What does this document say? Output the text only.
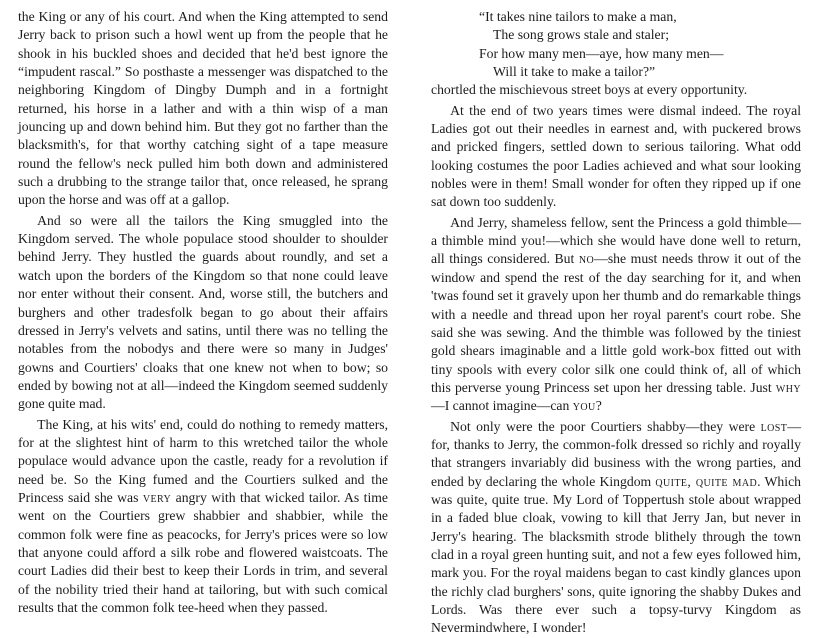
the King or any of his court. And when the King attempted to send Jerry back to prison such a howl went up from the people that he shook in his buckled shoes and decided that he'd best ignore the “impudent rascal.” So posthaste a messenger was dispatched to the neighboring Kingdom of Dingby Dumph and in a fortnight returned, his horse in a lather and with a thin wisp of a man jouncing up and down behind him. But they got no farther than the blacksmith's, for that worthy catching sight of a tape measure round the fellow's neck pulled him both down and administered such a drubbing to the strange tailor that, once released, he sprang upon the horse and was off at a gallop.

And so were all the tailors the King smuggled into the Kingdom served. The whole populace stood shoulder to shoulder behind Jerry. They hustled the guards about roundly, and set a watch upon the borders of the Kingdom so that none could leave nor enter without their consent. And, worse still, the butchers and burghers and other tradesfolk began to go about their affairs dressed in Jerry's velvets and satins, until there was no telling the notables from the nobodys and there were so many in Judges' gowns and Courtiers' cloaks that one knew not when to bow; so ended by bowing not at all—indeed the Kingdom seemed suddenly gone quite mad.

The King, at his wits' end, could do nothing to remedy matters, for at the slightest hint of harm to this wretched tailor the whole populace would advance upon the castle, ready for a revolution if need be. So the King fumed and the Courtiers sulked and the Princess said she was very angry with that wicked tailor. As time went on the Courtiers grew shabbier and shabbier, while the common folk were fine as peacocks, for Jerry's prices were so low that anyone could afford a silk robe and flowered waistcoats. The court Ladies did their best to keep their Lords in trim, and several of the nobility tried their hand at tailoring, but with such comical results that the common folk tee-heed when they passed.

“It takes nine tailors to make a man,
The song grows stale and staler;
For how many men—aye, how many men—
Will it take to make a tailor?”

chortled the mischievous street boys at every opportunity.

At the end of two years times were dismal indeed. The royal Ladies got out their needles in earnest and, with puckered brows and pricked fingers, settled down to serious tailoring. What odd looking costumes the poor Ladies achieved and what sour looking nobles were in them! Small wonder for often they ripped up if one sat down too suddenly.

And Jerry, shameless fellow, sent the Princess a gold thimble—a thimble mind you!—which she would have done well to return, all things considered. But no—she must needs throw it out of the window and spend the rest of the day searching for it, and when 'twas found set it gravely upon her thumb and do remarkable things with a needle and thread upon her royal parent's court robe. She said she was sewing. And the thimble was followed by the tiniest gold shears imaginable and a little gold work-box fitted out with tiny spools with every color silk one could think of, all of which this perverse young Princess set upon her dressing table. Just why—I cannot imagine—can you?

Not only were the poor Courtiers shabby—they were lost—for, thanks to Jerry, the common-folk dressed so richly and royally that strangers invariably did business with the wrong parties, and ended by declaring the whole Kingdom quite, quite mad. Which was quite, quite true. My Lord of Toppertush stole about wrapped in a faded blue cloak, vowing to kill that Jerry Jan, but never in Jerry's hearing. The blacksmith strode blithely through the town clad in a royal green hunting suit, and not a few eyes followed him, mark you. For the royal maidens began to cast kindly glances upon the richly clad burghers' sons, quite ignoring the shabby Dukes and Lords. Was there ever such a topsy-turvy Kingdom as Nevermindwhere, I wonder!
